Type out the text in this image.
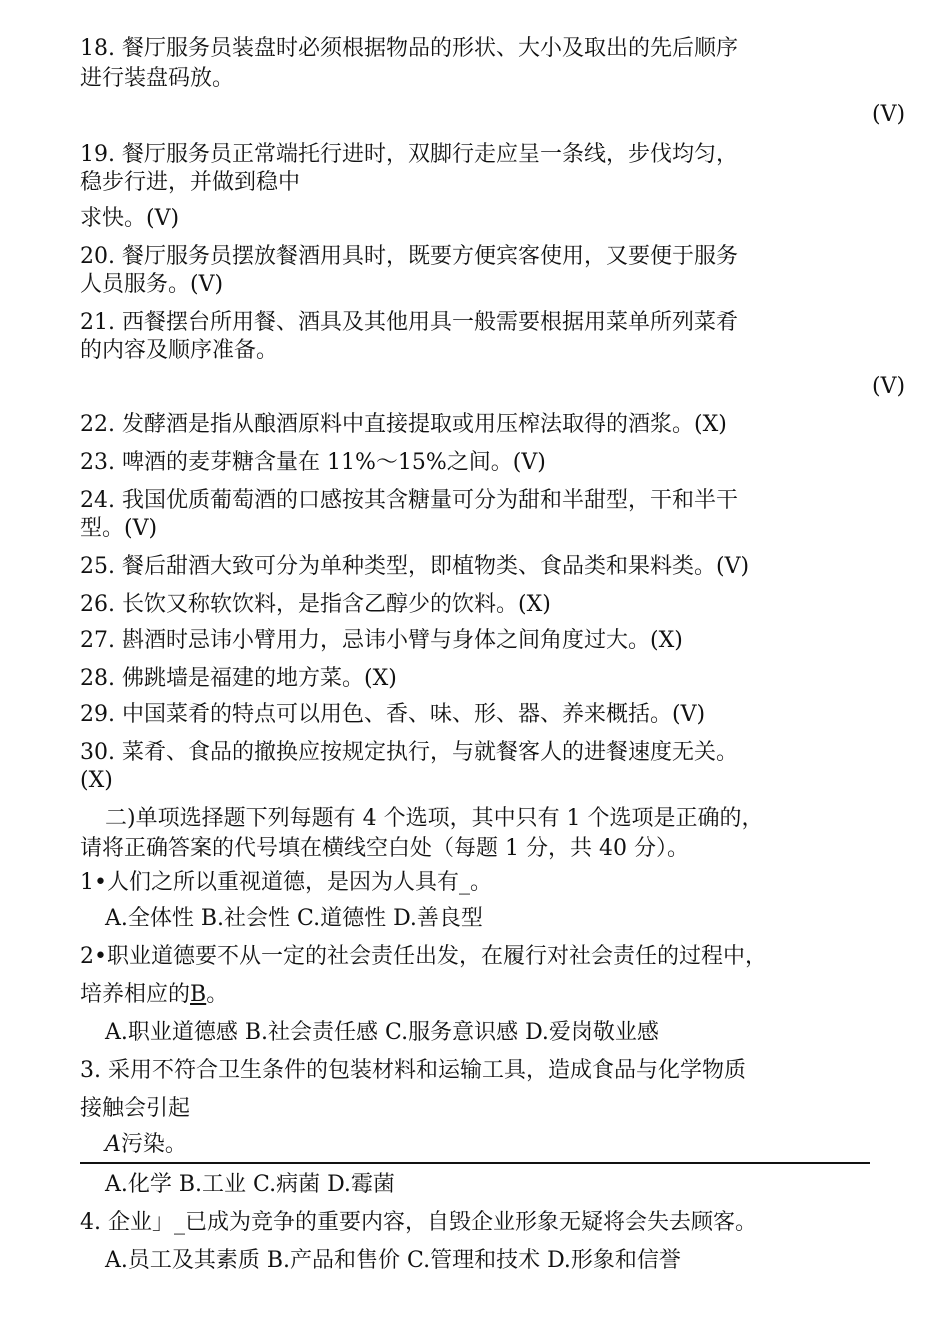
18. 餐厅服务员装盘时必须根据物品的形状、大小及取出的先后顺序

进行装盘码放。

(V)

19. 餐厅服务员正常端托行进时，双脚行走应呈一条线，步伐均匀，

稳步行进，并做到稳中

求快。(V)

20. 餐厅服务员摆放餐酒用具时，既要方便宾客使用，又要便于服务

人员服务。(V)

21. 西餐摆台所用餐、酒具及其他用具一般需要根据用菜单所列菜肴

的内容及顺序准备。

(V)

22. 发酵酒是指从酿酒原料中直接提取或用压榨法取得的酒浆。(X)

23. 啤酒的麦芽糖含量在 11%〜15%之间。(V)

24. 我国优质葡萄酒的口感按其含糖量可分为甜和半甜型，干和半干

型。(V)

25. 餐后甜酒大致可分为单种类型，即植物类、食品类和果料类。(V)

26. 长饮又称软饮料，是指含乙醇少的饮料。(X)

27. 斟酒时忌讳小臂用力，忌讳小臂与身体之间角度过大。(X)

28. 佛跳墙是福建的地方菜。(X)

29. 中国菜肴的特点可以用色、香、味、形、器、养来概括。(V)

30. 菜肴、食品的撤换应按规定执行，与就餐客人的进餐速度无关。

(X)

二)单项选择题下列每题有 4 个选项，其中只有 1 个选项是正确的，

请将正确答案的代号填在横线空白处（每题 1 分，共 40 分）。

1•人们之所以重视道德，是因为人具有_。

A.全体性 B.社会性 C.道德性 D.善良型

2•职业道德要不从一定的社会责任出发，在履行对社会责任的过程中，

培养相应的B。

A.职业道德感 B.社会责任感 C.服务意识感 D.爱岗敬业感

3. 采用不符合卫生条件的包装材料和运输工具，造成食品与化学物质

接触会引起

A污染。

A.化学 B.工业 C.病菌 D.霉菌

4. 企业」_已成为竞争的重要内容，自毁企业形象无疑将会失去顾客。

A.员工及其素质 B.产品和售价 C.管理和技术 D.形象和信誉
